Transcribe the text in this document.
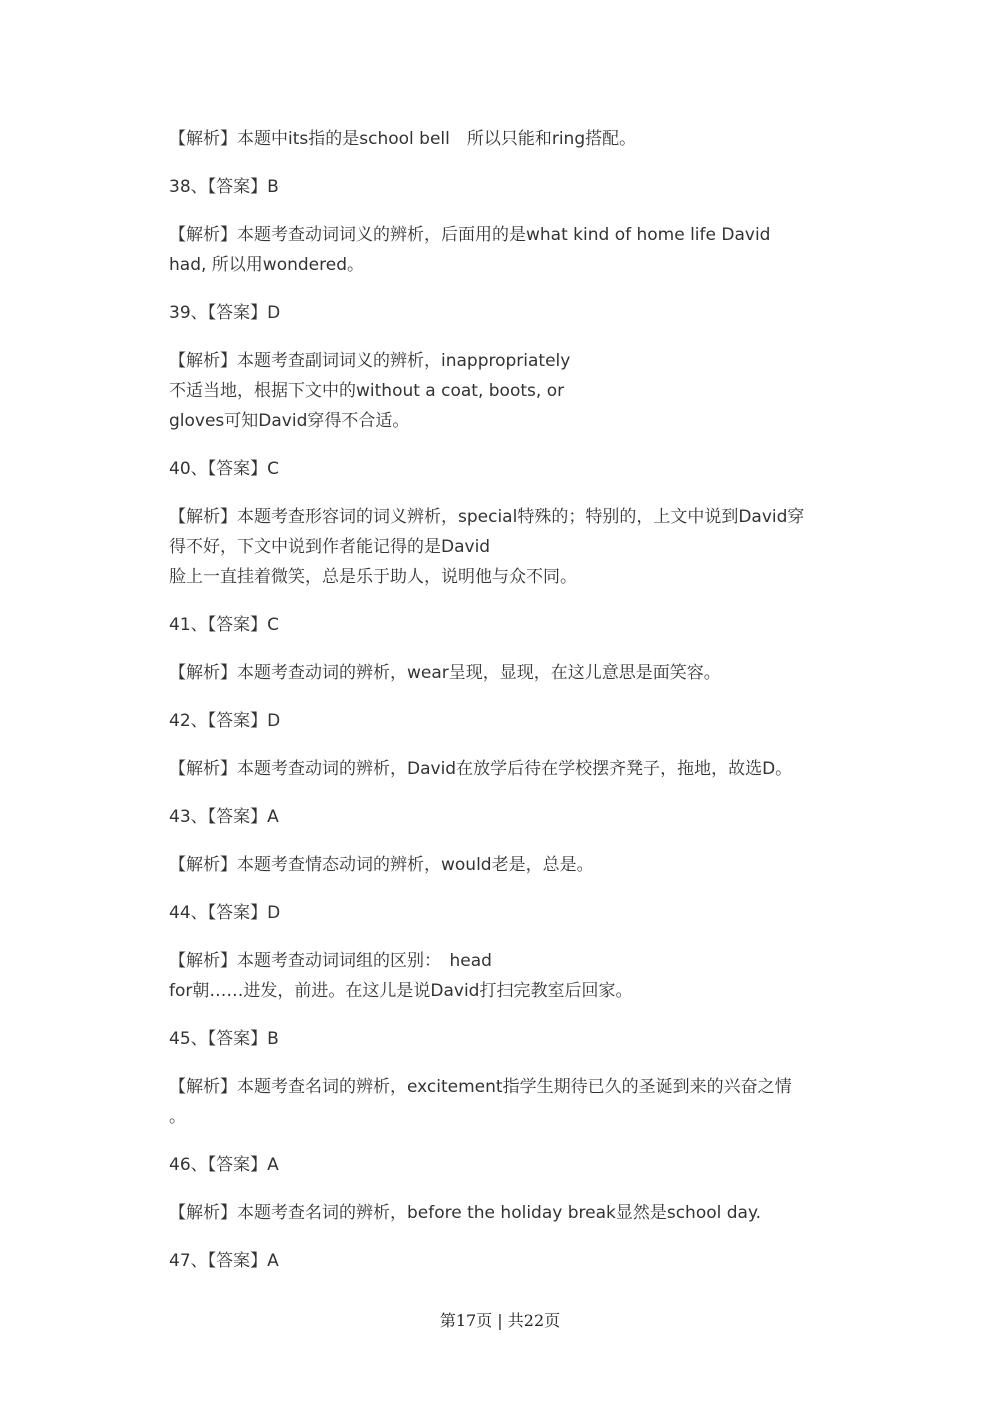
【解析】本题中its指的是school bell　所以只能和ring搭配。
38、【答案】B
【解析】本题考查动词词义的辨析，后面用的是what kind of home life David
had, 所以用wondered。
39、【答案】D
【解析】本题考查副词词义的辨析，inappropriately
不适当地，根据下文中的without a coat, boots, or
gloves可知David穿得不合适。
40、【答案】C
【解析】本题考查形容词的词义辨析，special特殊的；特别的，上文中说到David穿
得不好，下文中说到作者能记得的是David
脸上一直挂着微笑，总是乐于助人，说明他与众不同。
41、【答案】C
【解析】本题考查动词的辨析，wear呈现，显现，在这儿意思是面笑容。
42、【答案】D
【解析】本题考查动词的辨析，David在放学后待在学校摆齐凳子，拖地，故选D。
43、【答案】A
【解析】本题考查情态动词的辨析，would老是，总是。
44、【答案】D
【解析】本题考查动词词组的区别：　head
for朝……进发，前进。在这儿是说David打扫完教室后回家。
45、【答案】B
【解析】本题考查名词的辨析，excitement指学生期待已久的圣诞到来的兴奋之情
。
46、【答案】A
【解析】本题考查名词的辨析，before the holiday break显然是school day.
47、【答案】A
第17页 | 共22页
